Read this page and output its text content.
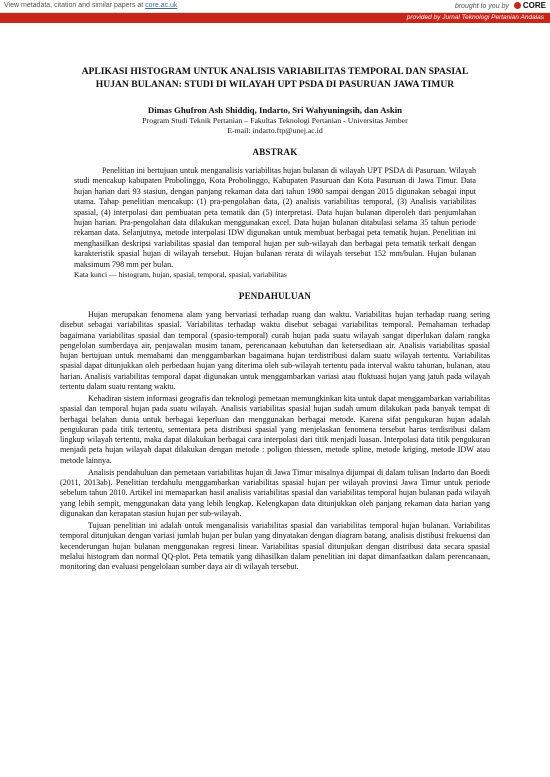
View metadata, citation and similar papers at core.ac.uk	brought to you by CORE
provided by Jurnal Teknologi Pertanian Andalas
APLIKASI HISTOGRAM UNTUK ANALISIS VARIABILITAS TEMPORAL DAN SPASIAL HUJAN BULANAN: STUDI DI WILAYAH UPT PSDA DI PASURUAN JAWA TIMUR
Dimas Ghufron Ash Shiddiq, Indarto, Sri Wahyuningsih, dan Askin
Program Studi Teknik Pertanian – Fakultas Teknologi Pertanian - Universitas Jember
E-mail: indarto.ftp@unej.ac.id
ABSTRAK

Penelitian ini bertujuan untuk menganalisis variabilitas hujan bulanan di wilayah UPT PSDA di Pasuruan. Wilayah studi mencakup kabupaten Probolinggo, Kota Probolinggo, Kabupaten Pasuruan dan Kota Pasuruan di Jawa Timur. Data hujan harian dari 93 stasiun, dengan panjang rekaman data dari tahun 1980 sampai dengan 2015 digunakan sebagai input utama. Tahap penelitian mencakup: (1) pra-pengolahan data, (2) analisis variabilitas temporal, (3) Analisis variabilitas spasial, (4) interpolasi dan pembuatan peta tematik dan (5) interpretasi. Data hujan bulanan diperoleh dari penjumlahan hujan harian. Pra-pengolahan data dilakukan menggunakan excel. Data hujan bulanan ditabulasi selama 35 tahun periode rekaman data. Selanjutnya, metode interpolasi IDW digunakan untuk membuat berbagai peta tematik hujan. Penelitian ini menghasilkan deskripsi variabilitas spasial dan temporal hujan per sub-wilayah dan berbagai peta tematik terkait dengan karakteristik spasial hujan di wilayah tersebut. Hujan bulanan rerata di wilayah tersebut 152 mm/bulan. Hujan bulanan maksimum 798 mm per bulan.

Kata kunci — histogram, hujan, spasial, temporal, spasial, variabilitas

PENDAHULUAN

Hujan merupakan fenomena alam yang bervariasi terhadap ruang dan waktu. Variabilitas hujan terhadap ruang sering disebut sebagai variabilitas spasial. Variabilitas terhadap waktu disebut sebagai variabilitas temporal. Pemahaman terhadap bagaimana variabilitas spasial dan temporal (spasio-temporal) curah hujan pada suatu wilayah sangat diperlukan dalam rangka pengelolan sumberdaya air, penjawalan musim tanam, perencanaan kebutuhan dan ketersediaan air. Analisis variabilitas spasial hujan bertujuan untuk memahami dan menggambarkan bagaimana hujan terdistribusi dalam suatu wilayah tertentu. Variabilitas spasial dapat ditunjukkan oleh perbedaan hujan yang diterima oleh sub-wilayah tertentu pada interval waktu tahunan, bulanan, atau harian. Analisis variabilitas temporal dapat digunakan untuk menggambarkan variasi atau fluktuasi hujan yang jatuh pada wilayah tertentu dalam suatu rentang waktu.

Kehadiran sistem informasi geografis dan teknologi pemetaan memungkinkan kita untuk dapat menggambarkan variabilitas spasial dan temporal hujan pada suatu wilayah. Analisis variabilitas spasial hujan sudah umum dilakukan pada banyak tempat di berbagai belahan dunia untuk berbagai keperluan dan menggunakan berbagai metode. Karena sifat pengukuran hujan adalah pengukuran pada titik tertentu, sementara peta distribusi spasial yang menjelaskan fenomena tersebut harus terdisribusi dalam lingkup wilayah tertentu, maka dapat dilakukan berbagai cara interpolasi dari titik menjadi luasan. Interpolasi data titik pengukuran menjadi peta hujan wilayah dapat dilakukan dengan metode : poligon thiessen, metode spline, metode kriging, metode IDW atau metode lainnya.

Analisis pendahuluan dan pemetaan variabilitas hujan di Jawa Timur misalnya dijumpai di dalam tulisan Indarto dan Boedi (2011, 2013ab). Penelitian terdahulu menggambarkan variabilitas spasial hujan per wilayah provinsi Jawa Timur untuk periode sebelum tahun 2010. Artikel ini memaparkan hasil analisis variabilitas spasial dan variabilitas temporal hujan bulanan pada wilayah yang lebih sempit, menggunakan data yang lebih lengkap. Kelengkapan data ditunjukkan oleh panjang rekaman data harian yang digunakan dan kerapatan stasiun hujan per sub-wilayah.

Tujuan penelitian ini adalah untuk menganalisis variabilitas spasial dan variabilitas temporal hujan bulanan. Variabilitas temporal ditunjukan dengan variasi jumlah hujan per bulan yang dinyatakan dengan diagram batang, analisis distibusi frekuensi dan kecenderungan hujan bulanan menggunakan regresi linear. Variabilitas spasial ditunjukan dengan distribusi data secara spasial melalui histogram dan normal QQ-plot. Peta tematik yang dihasilkan dalam penelitian ini dapat dimanfaatkan dalam perencanaan, monitoring dan evaluasi pengelolaan sumber daya air di wilayah tersebut.
